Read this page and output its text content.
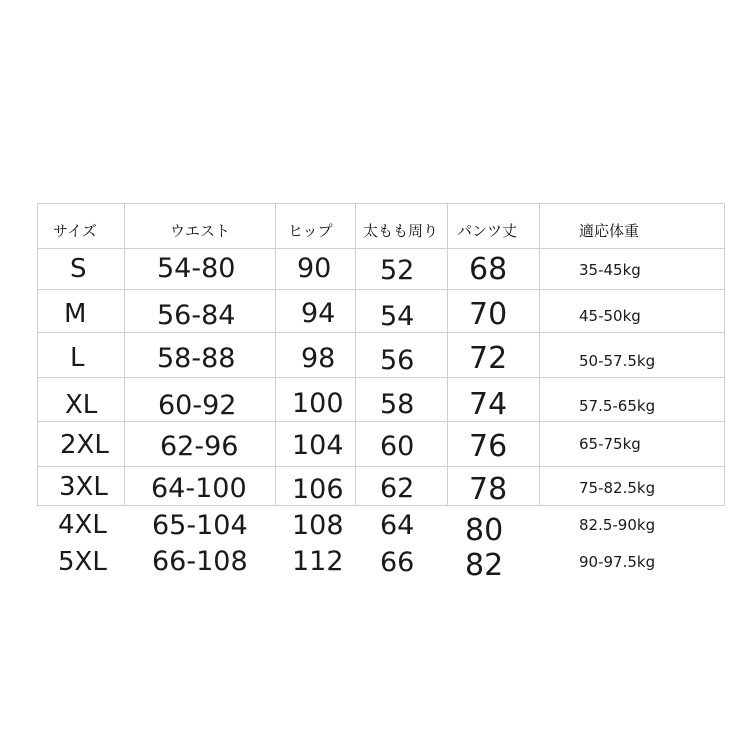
サイズ	ウエスト	ヒップ 太もも周り パンツ丈	適応体重
S	54-80 90 52 68	35-45kg
M	56-84 94 54 70	45-50kg
L	58-88 98 56 72	50-57.5kg
XL 60-92 100 58 74	57.5-65kg
2XL 62-96 104 60 76	65-75kg
3XL 64-100 106 62 78	75-82.5kg
4XL 65-104 108 64 80	82.5-90kg
5XL 66-108 112 66 82	90-97.5kg
